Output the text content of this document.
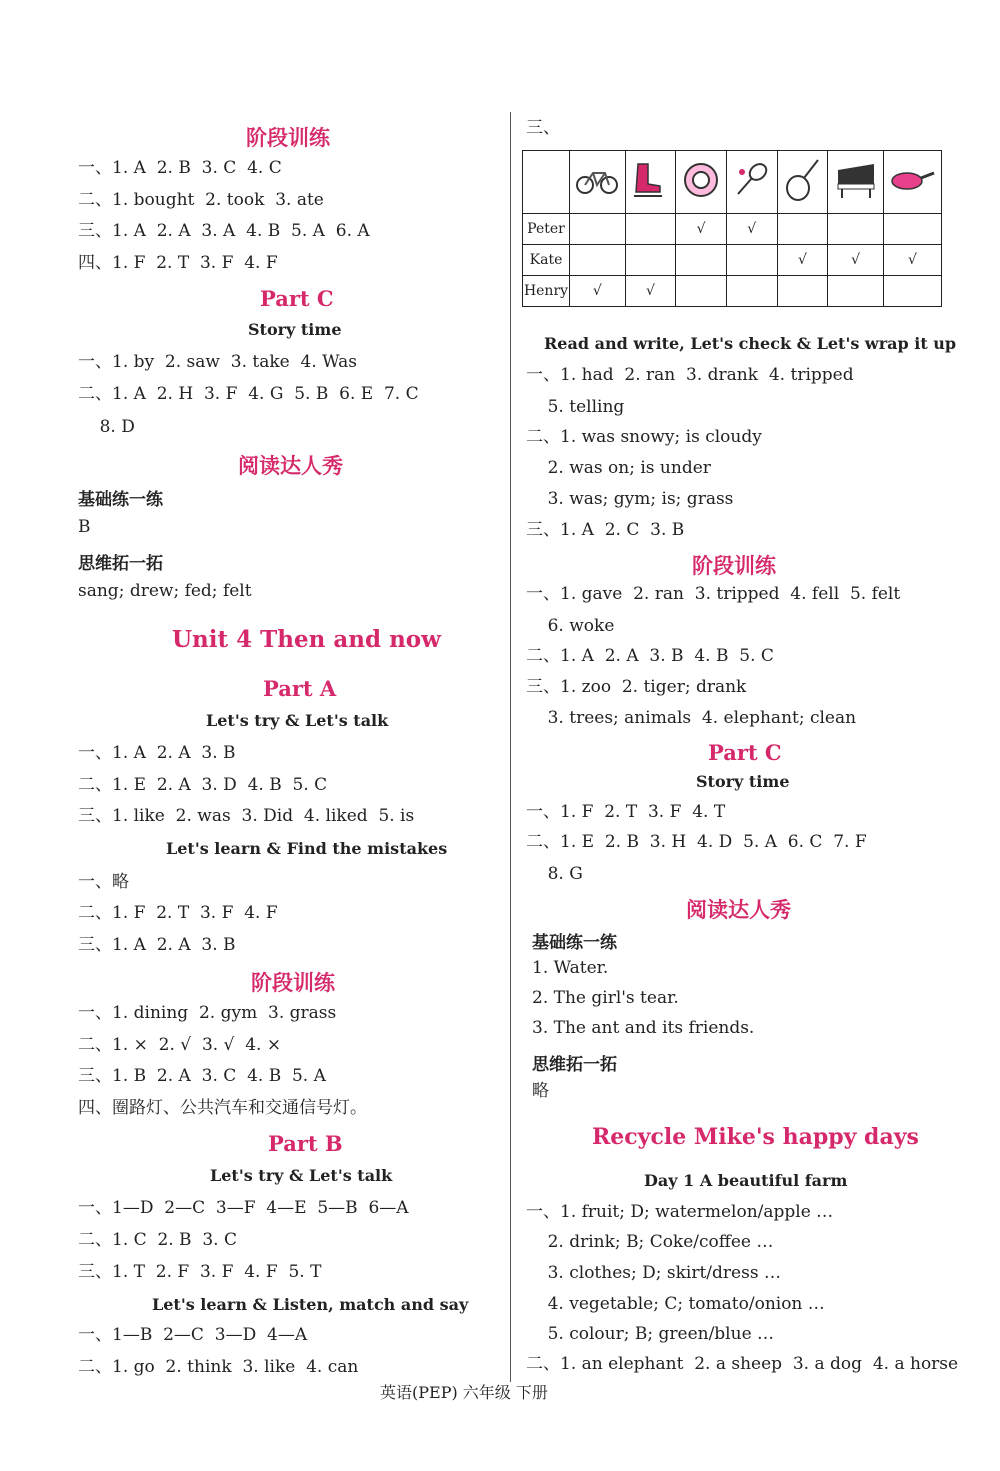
阶段训练
一、1. A  2. B  3. C  4. C
二、1. bought  2. took  3. ate
三、1. A  2. A  3. A  4. B  5. A  6. A
四、1. F  2. T  3. F  4. F
Part C
Story time
一、1. by  2. saw  3. take  4. Was
二、1. A  2. H  3. F  4. G  5. B  6. E  7. C
8. D
阅读达人秀
基础练一练
B
思维拓一拓
sang; drew; fed; felt
Unit 4 Then and now
Part A
Let's try & Let's talk
一、1. A  2. A  3. B
二、1. E  2. A  3. D  4. B  5. C
三、1. like  2. was  3. Did  4. liked  5. is
Let's learn & Find the mistakes
一、略
二、1. F  2. T  3. F  4. F
三、1. A  2. A  3. B
阶段训练
一、1. dining  2. gym  3. grass
二、1. ×  2. √  3. √  4. ×
三、1. B  2. A  3. C  4. B  5. A
四、圈路灯、公共汽车和交通信号灯。
Part B
Let's try & Let's talk
一、1—D  2—C  3—F  4—E  5—B  6—A
二、1. C  2. B  3. C
三、1. T  2. F  3. F  4. F  5. T
Let's learn & Listen, match and say
一、1—B  2—C  3—D  4—A
二、1. go  2. think  3. like  4. can
三、

Peter			√	√			
Kate					√	√	√
Henry	√	√					
Read and write, Let's check & Let's wrap it up
一、1. had  2. ran  3. drank  4. tripped
5. telling
二、1. was snowy; is cloudy
2. was on; is under
3. was; gym; is; grass
三、1. A  2. C  3. B
阶段训练
一、1. gave  2. ran  3. tripped  4. fell  5. felt
6. woke
二、1. A  2. A  3. B  4. B  5. C
三、1. zoo  2. tiger; drank
3. trees; animals  4. elephant; clean
Part C
Story time
一、1. F  2. T  3. F  4. T
二、1. E  2. B  3. H  4. D  5. A  6. C  7. F
8. G
阅读达人秀
基础练一练
1. Water.
2. The girl's tear.
3. The ant and its friends.
思维拓一拓
略
Recycle Mike's happy days
Day 1 A beautiful farm
一、1. fruit; D; watermelon/apple …
2. drink; B; Coke/coffee …
3. clothes; D; skirt/dress …
4. vegetable; C; tomato/onion …
5. colour; B; green/blue …
二、1. an elephant  2. a sheep  3. a dog  4. a horse
英语(PEP) 六年级 下册
